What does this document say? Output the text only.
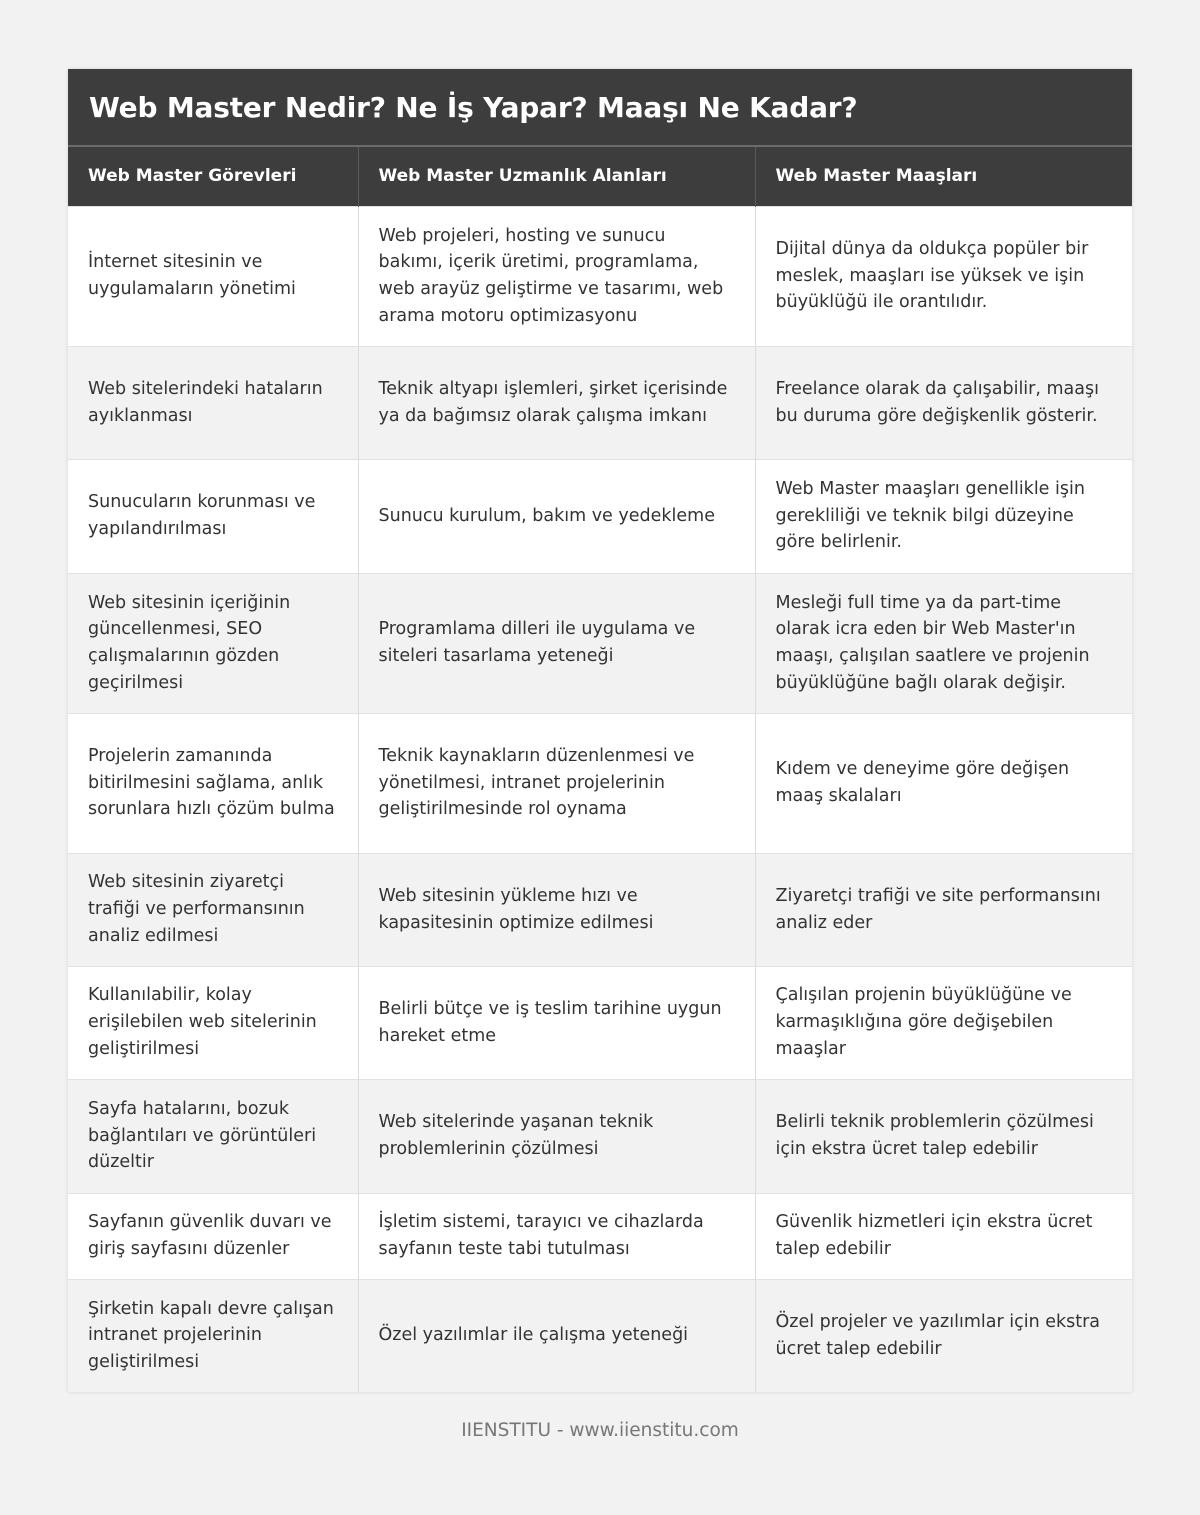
Web Master Nedir? Ne İş Yapar? Maaşı Ne Kadar?
Web Master Görevleri	Web Master Uzmanlık Alanları	Web Master Maaşları
İnternet sitesinin ve uygulamaların yönetimi	Web projeleri, hosting ve sunucu bakımı, içerik üretimi, programlama, web arayüz geliştirme ve tasarımı, web arama motoru optimizasyonu	Dijital dünya da oldukça popüler bir meslek, maaşları ise yüksek ve işin büyüklüğü ile orantılıdır.
Web sitelerindeki hataların ayıklanması	Teknik altyapı işlemleri, şirket içerisinde ya da bağımsız olarak çalışma imkanı	Freelance olarak da çalışabilir, maaşı bu duruma göre değişkenlik gösterir.
Sunucuların korunması ve yapılandırılması	Sunucu kurulum, bakım ve yedekleme	Web Master maaşları genellikle işin gerekliliği ve teknik bilgi düzeyine göre belirlenir.
Web sitesinin içeriğinin güncellenmesi, SEO çalışmalarının gözden geçirilmesi	Programlama dilleri ile uygulama ve siteleri tasarlama yeteneği	Mesleği full time ya da part-time olarak icra eden bir Web Master'ın maaşı, çalışılan saatlere ve projenin büyüklüğüne bağlı olarak değişir.
Projelerin zamanında bitirilmesini sağlama, anlık sorunlara hızlı çözüm bulma	Teknik kaynakların düzenlenmesi ve yönetilmesi, intranet projelerinin geliştirilmesinde rol oynama	Kıdem ve deneyime göre değişen maaş skalaları
Web sitesinin ziyaretçi trafiği ve performansının analiz edilmesi	Web sitesinin yükleme hızı ve kapasitesinin optimize edilmesi	Ziyaretçi trafiği ve site performansını analiz eder
Kullanılabilir, kolay erişilebilen web sitelerinin geliştirilmesi	Belirli bütçe ve iş teslim tarihine uygun hareket etme	Çalışılan projenin büyüklüğüne ve karmaşıklığına göre değişebilen maaşlar
Sayfa hatalarını, bozuk bağlantıları ve görüntüleri düzeltir	Web sitelerinde yaşanan teknik problemlerinin çözülmesi	Belirli teknik problemlerin çözülmesi için ekstra ücret talep edebilir
Sayfanın güvenlik duvarı ve giriş sayfasını düzenler	İşletim sistemi, tarayıcı ve cihazlarda sayfanın teste tabi tutulması	Güvenlik hizmetleri için ekstra ücret talep edebilir
Şirketin kapalı devre çalışan intranet projelerinin geliştirilmesi	Özel yazılımlar ile çalışma yeteneği	Özel projeler ve yazılımlar için ekstra ücret talep edebilir
IIENSTITU - www.iienstitu.com
